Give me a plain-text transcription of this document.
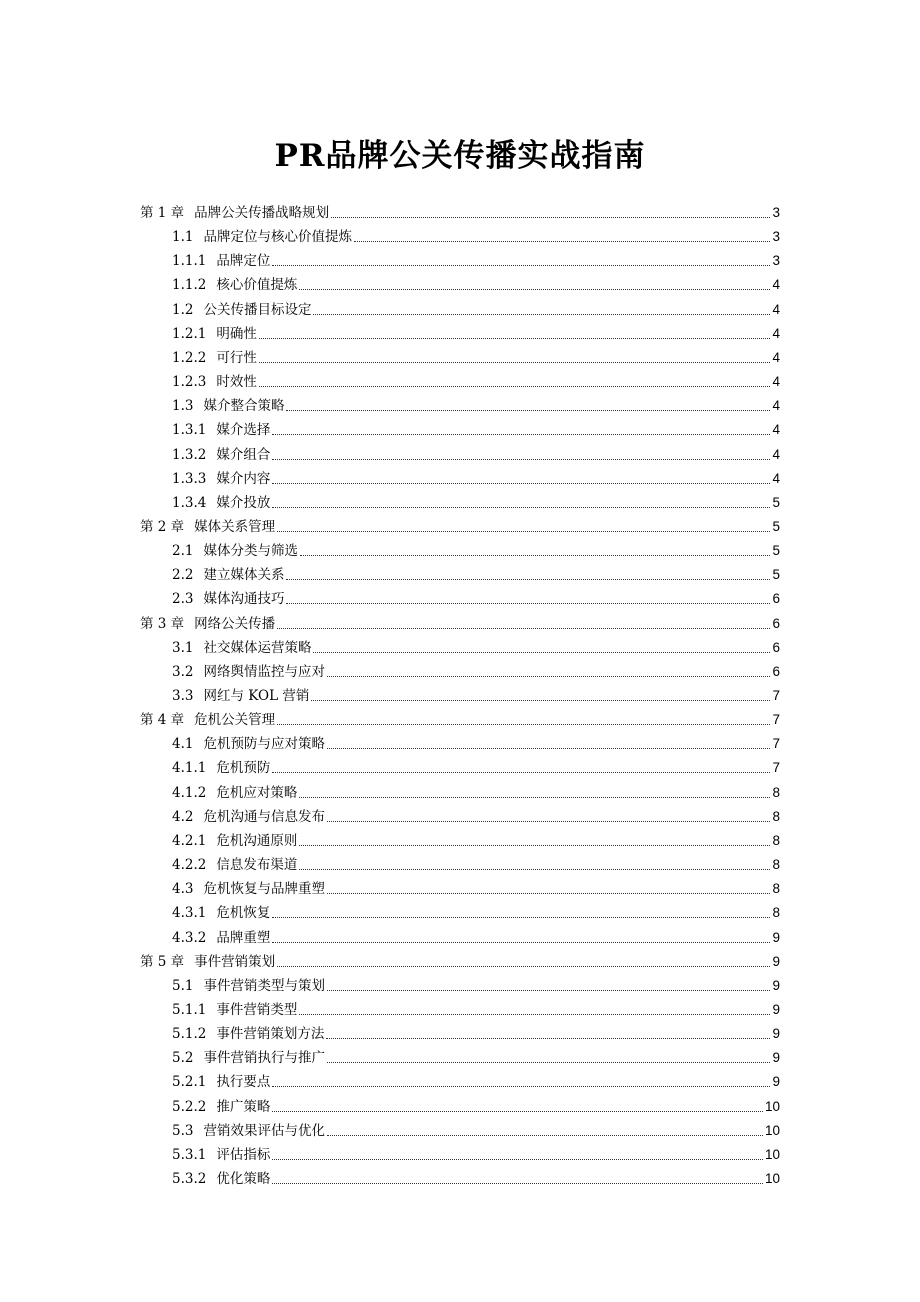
PR品牌公关传播实战指南
第 1 章 品牌公关传播战略规划	3
1.1 品牌定位与核心价值提炼	3
1.1.1 品牌定位	3
1.1.2 核心价值提炼	4
1.2 公关传播目标设定	4
1.2.1 明确性	4
1.2.2 可行性	4
1.2.3 时效性	4
1.3 媒介整合策略	4
1.3.1 媒介选择	4
1.3.2 媒介组合	4
1.3.3 媒介内容	4
1.3.4 媒介投放	5
第 2 章 媒体关系管理	5
2.1 媒体分类与筛选	5
2.2 建立媒体关系	5
2.3 媒体沟通技巧	6
第 3 章 网络公关传播	6
3.1 社交媒体运营策略	6
3.2 网络舆情监控与应对	6
3.3 网红与 KOL 营销	7
第 4 章 危机公关管理	7
4.1 危机预防与应对策略	7
4.1.1 危机预防	7
4.1.2 危机应对策略	8
4.2 危机沟通与信息发布	8
4.2.1 危机沟通原则	8
4.2.2 信息发布渠道	8
4.3 危机恢复与品牌重塑	8
4.3.1 危机恢复	8
4.3.2 品牌重塑	9
第 5 章 事件营销策划	9
5.1 事件营销类型与策划	9
5.1.1 事件营销类型	9
5.1.2 事件营销策划方法	9
5.2 事件营销执行与推广	9
5.2.1 执行要点	9
5.2.2 推广策略	10
5.3 营销效果评估与优化	10
5.3.1 评估指标	10
5.3.2 优化策略	10
